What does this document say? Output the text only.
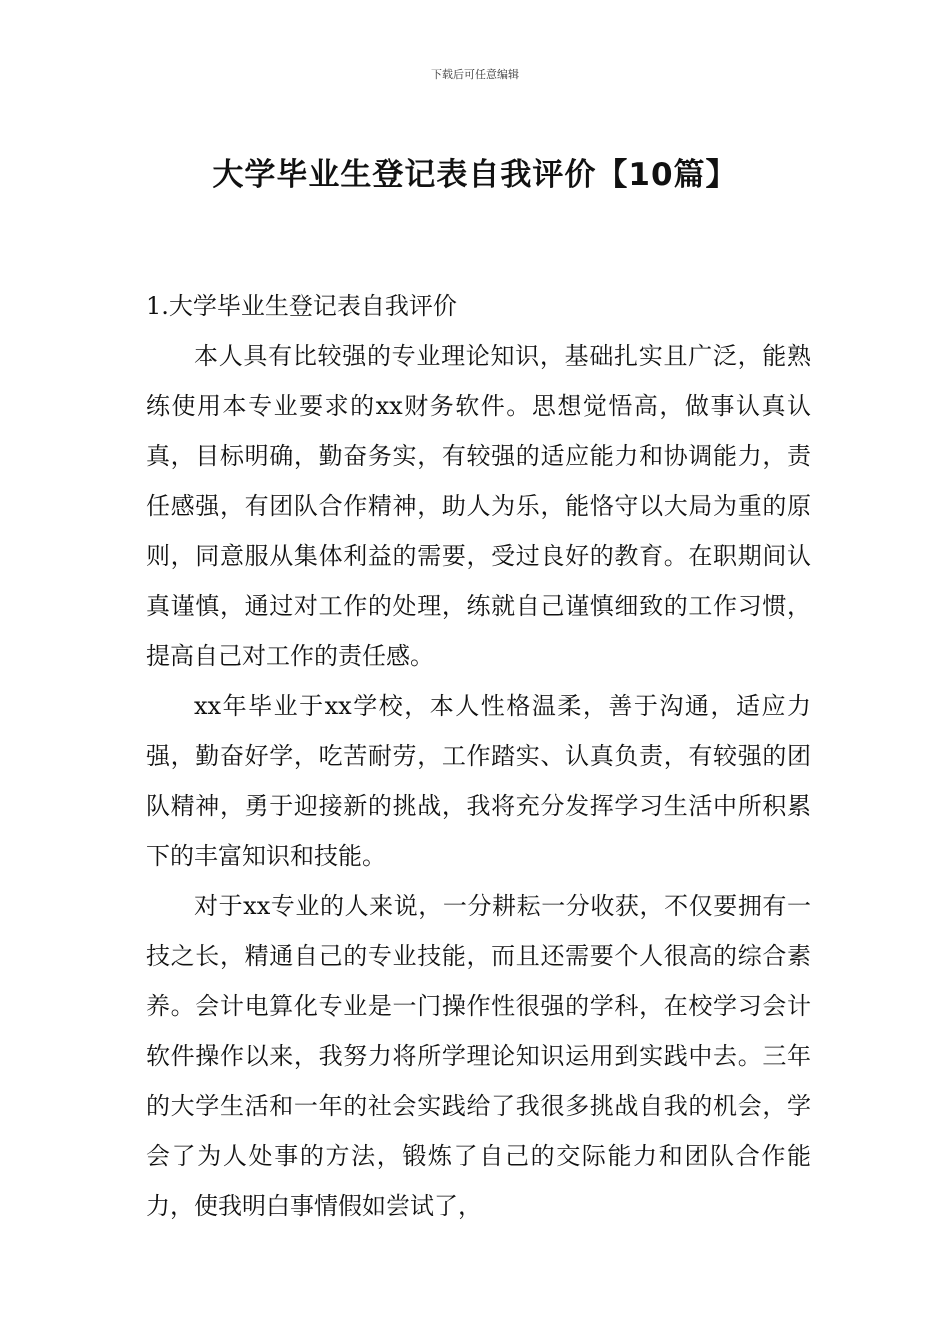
下载后可任意编辑
大学毕业生登记表自我评价【10篇】

1.大学毕业生登记表自我评价

本人具有比较强的专业理论知识，基础扎实且广泛，能熟练使用本专业要求的xx财务软件。思想觉悟高，做事认真认真，目标明确，勤奋务实，有较强的适应能力和协调能力，责任感强，有团队合作精神，助人为乐，能恪守以大局为重的原则，同意服从集体利益的需要，受过良好的教育。在职期间认真谨慎，通过对工作的处理，练就自己谨慎细致的工作习惯，提高自己对工作的责任感。

xx年毕业于xx学校，本人性格温柔，善于沟通，适应力强，勤奋好学，吃苦耐劳，工作踏实、认真负责，有较强的团队精神，勇于迎接新的挑战，我将充分发挥学习生活中所积累下的丰富知识和技能。

对于xx专业的人来说，一分耕耘一分收获，不仅要拥有一技之长，精通自己的专业技能，而且还需要个人很高的综合素养。会计电算化专业是一门操作性很强的学科，在校学习会计软件操作以来，我努力将所学理论知识运用到实践中去。三年的大学生活和一年的社会实践给了我很多挑战自我的机会，学会了为人处事的方法，锻炼了自己的交际能力和团队合作能力，使我明白事情假如尝试了，
